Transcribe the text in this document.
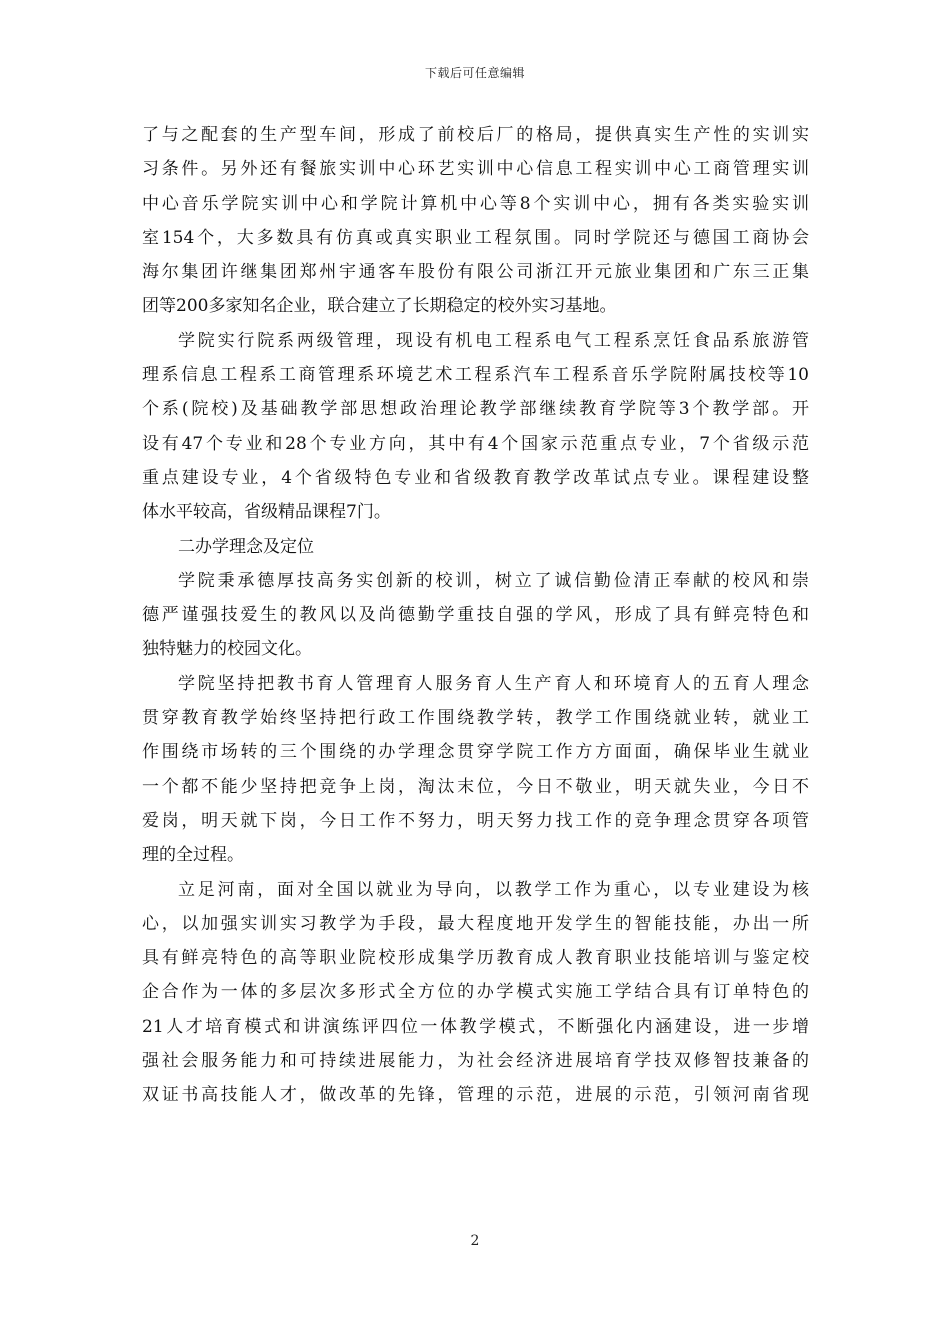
下载后可任意编辑
了与之配套的生产型车间，形成了前校后厂的格局，提供真实生产性的实训实
习条件。另外还有餐旅实训中心环艺实训中心信息工程实训中心工商管理实训
中心音乐学院实训中心和学院计算机中心等8个实训中心，拥有各类实验实训
室154个，大多数具有仿真或真实职业工程氛围。同时学院还与德国工商协会
海尔集团许继集团郑州宇通客车股份有限公司浙江开元旅业集团和广东三正集
团等200多家知名企业，联合建立了长期稳定的校外实习基地。
学院实行院系两级管理，现设有机电工程系电气工程系烹饪食品系旅游管
理系信息工程系工商管理系环境艺术工程系汽车工程系音乐学院附属技校等10
个系(院校)及基础教学部思想政治理论教学部继续教育学院等3个教学部。开
设有47个专业和28个专业方向，其中有4个国家示范重点专业，7个省级示范
重点建设专业，4个省级特色专业和省级教育教学改革试点专业。课程建设整
体水平较高，省级精品课程7门。
二办学理念及定位
学院秉承德厚技高务实创新的校训，树立了诚信勤俭清正奉献的校风和崇
德严谨强技爱生的教风以及尚德勤学重技自强的学风，形成了具有鲜亮特色和
独特魅力的校园文化。
学院坚持把教书育人管理育人服务育人生产育人和环境育人的五育人理念
贯穿教育教学始终坚持把行政工作围绕教学转，教学工作围绕就业转，就业工
作围绕市场转的三个围绕的办学理念贯穿学院工作方方面面，确保毕业生就业
一个都不能少坚持把竞争上岗，淘汰末位，今日不敬业，明天就失业，今日不
爱岗，明天就下岗，今日工作不努力，明天努力找工作的竞争理念贯穿各项管
理的全过程。
立足河南，面对全国以就业为导向，以教学工作为重心，以专业建设为核
心，以加强实训实习教学为手段，最大程度地开发学生的智能技能，办出一所
具有鲜亮特色的高等职业院校形成集学历教育成人教育职业技能培训与鉴定校
企合作为一体的多层次多形式全方位的办学模式实施工学结合具有订单特色的
21人才培育模式和讲演练评四位一体教学模式，不断强化内涵建设，进一步增
强社会服务能力和可持续进展能力，为社会经济进展培育学技双修智技兼备的
双证书高技能人才，做改革的先锋，管理的示范，进展的示范，引领河南省现
2
